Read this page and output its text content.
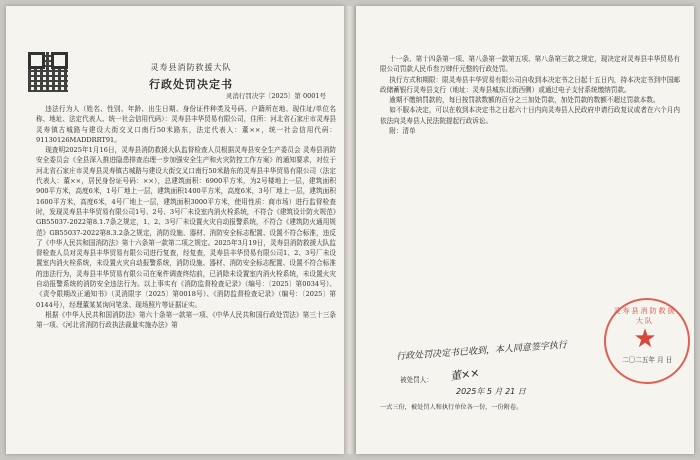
灵寿县消防救援大队
行政处罚决定书
灵消行罚决字〔2025〕第 0001号

违法行为人（姓名、性别、年龄、出生日期、身份证件种类及号码、户籍所在地、现住址/单位名称、地址、法定代表人、统一社会信用代码）：灵寿县丰华贸易有限公司，住所：河北省石家庄市灵寿县灵寿镇古城路与建设大街交叉口南行50米路东，法定代表人：董××，统一社会信用代码：91130126MADDRRT91。

现查明2025年1月16日，灵寿县消防救援大队监督检查人员根据灵寿县安全生产委员会 灵寿县消防安全委员会《全县深入推进隐患排查治理一步加强安全生产和火灾防控工作方案》的通知要求，对位于河北省石家庄市灵寿县灵寿镇古城路与建设大街交叉口南行50米路东的灵寿县丰华贸易有限公司（法定代表人：董××，居民身份证号码：××），总建筑面积：6900平方米，为2号楼地上一层，建筑面积900平方米，高度6米，1号厂地上一层，建筑面积1400平方米，高度6米，3号厂地上一层，建筑面积1600平方米，高度6米，4号厂地上一层，建筑面积3000平方米，使用性质：商市场）进行监督检查时，发现灵寿县丰华贸易有限公司1号、2号、3号厂未设室内消火栓系统，不符合《建筑设计防火规范》GB55037-2022第8.1.7条之规定，1、2、3号厂未设置火灾自动报警系统，不符合《建筑防火通用规范》GB55037-2022第8.3.2条之规定，消防设施、器材、消防安全标志配置、设置不符合标准，违反了《中华人民共和国消防法》第十六条第一款第二项之规定。2025年3月19日，灵寿县消防救援大队监督检查人员对灵寿县丰华贸易有限公司进行复查，经复查，灵寿县丰华贸易有限公司1、2、3号厂未设置室内消火栓系统，未设置火灾自动报警系统，消防设施、器材、消防安全标志配置、设置不符合标准的违法行为，灵寿县丰华贸易有限公司在案件调查终结前，已消除未设置室内消火栓系统，未设置火灾自动报警系统的消防安全违法行为。以上事实有《消防监督检查记录》（编号：〔2025〕第0034号）、《责令限期改正通知书》（灵消限字〔2025〕第0018号）、《消防监督检查记录》（编号：〔2025〕第0144号），经理董某某询问笔录、现场照片等证据证实。

根据《中华人民共和国消防法》第六十条第一款第一项、《中华人民共和国行政处罚法》第三十三条第一项、《河北省消防行政执法裁量实施办法》第

十一条、第十四条第一项、第八条第一款第五项、第八条第三款之规定，现决定对灵寿县丰华贸易有限公司罚款人民币叁万肆仟元整的行政处罚。

执行方式和期限：限灵寿县丰华贸易有限公司自收到本决定书之日起十五日内，持本决定书到中国邮政储蓄银行灵寿县支行（地址：灵寿县城东北街西侧）或通过电子支付系统缴纳罚款。

逾期不缴纳罚款的，每日按罚款数额的百分之三加处罚款，加处罚款的数额不超过罚款本数。

如不服本决定，可以在收到本决定书之日起六十日内向灵寿县人民政府申请行政复议或者在六个月内依法向灵寿县人民法院提起行政诉讼。

附：清单

灵寿县消防救援大队
★
二〇二五年 月 日
行政处罚决定书已收到，本人同意签字执行
被处罚人： 董××
2025年 5 月 21 日
一式三份，被处罚人和执行单位各一份，一份附卷。
